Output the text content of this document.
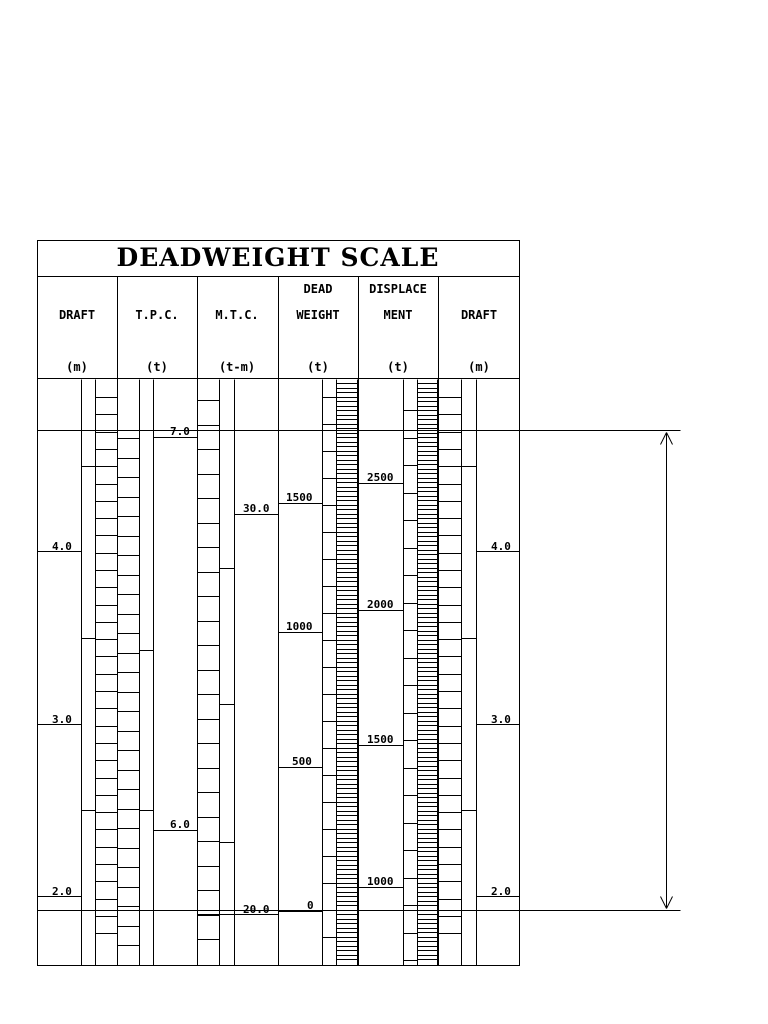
DEADWEIGHT SCALE
DRAFT
(m)
T.P.C.
(t)
M.T.C.
(t-m)
DEAD
WEIGHT
(t)
DISPLACE
MENT
(t)
DRAFT
(m)
4.0
3.0
2.0
4.0
3.0
2.0
7.0
6.0
30.0
20.0
1500
1000
500
0
2500
2000
1500
1000
